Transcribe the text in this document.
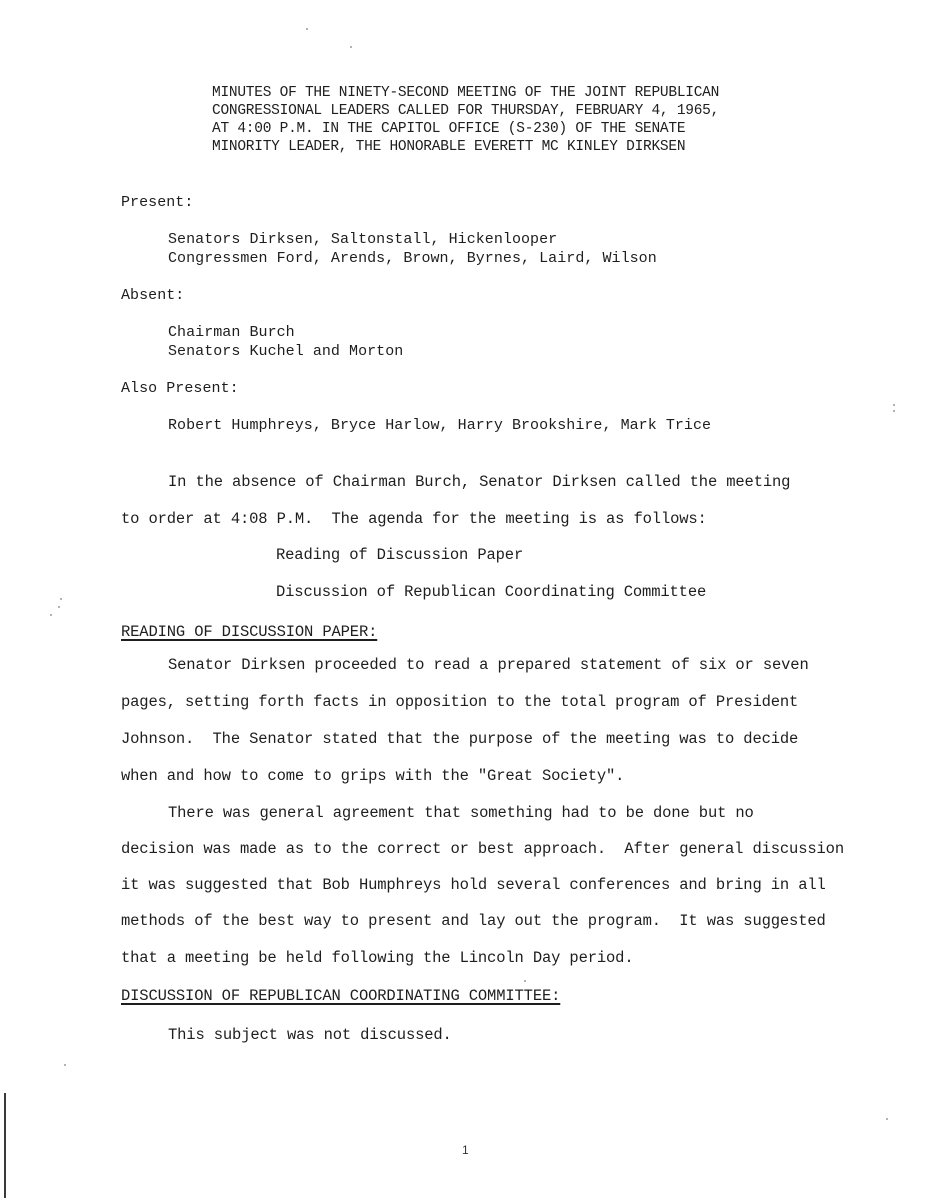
MINUTES OF THE NINETY-SECOND MEETING OF THE JOINT REPUBLICAN

CONGRESSIONAL LEADERS CALLED FOR THURSDAY, FEBRUARY 4, 1965,

AT 4:00 P.M. IN THE CAPITOL OFFICE (S-230) OF THE SENATE

MINORITY LEADER, THE HONORABLE EVERETT MC KINLEY DIRKSEN

Present:

Senators Dirksen, Saltonstall, Hickenlooper

Congressmen Ford, Arends, Brown, Byrnes, Laird, Wilson

Absent:

Chairman Burch

Senators Kuchel and Morton

Also Present:

Robert Humphreys, Bryce Harlow, Harry Brookshire, Mark Trice

In the absence of Chairman Burch, Senator Dirksen called the meeting

to order at 4:08 P.M.  The agenda for the meeting is as follows:

Reading of Discussion Paper

Discussion of Republican Coordinating Committee

READING OF DISCUSSION PAPER:

Senator Dirksen proceeded to read a prepared statement of six or seven

pages, setting forth facts in opposition to the total program of President

Johnson.  The Senator stated that the purpose of the meeting was to decide

when and how to come to grips with the "Great Society".

There was general agreement that something had to be done but no

decision was made as to the correct or best approach.  After general discussion

it was suggested that Bob Humphreys hold several conferences and bring in all

methods of the best way to present and lay out the program.  It was suggested

that a meeting be held following the Lincoln Day period.

DISCUSSION OF REPUBLICAN COORDINATING COMMITTEE:

This subject was not discussed.

1
